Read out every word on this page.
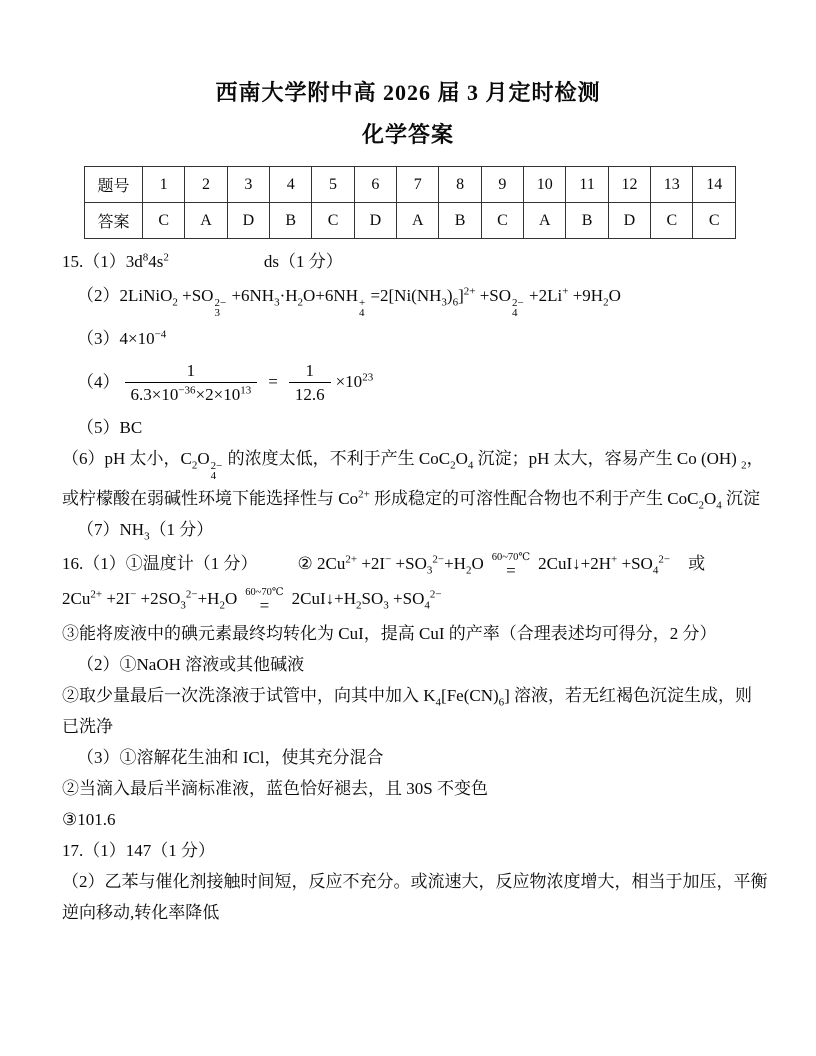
西南大学附中高 2026 届 3 月定时检测
化学答案
题号	1	2	3	4	5	6	7	8	9	10	11	12	13	14
答案	C	A	D	B	C	D	A	B	C	A	B	D	C	C

$15.(1)3d^84s^2$	ds（1 分）

（2）2LiNiO$_2$ +SO 2−
3
$+6NH_3\cdot H_2O+6NH$ +
4
$=2[Ni(NH_3)_6]^{2+} +SO$ 2−
4
$+2Li^+ +9H_2O$

$(3)4\times 10^{-4}$

$(4) \frac{1}{6.3\times 10^{-36}\times 2\times 10^{13}} = \frac{1}{12.6} \times 10^{23}$

（5）BC

（6）pH 太小，$C_2O$ 2−
4
的浓度太低，不利于产生 $CoC_2O_4$ 沉淀；pH 太大，容易产生 Co (OH) $_2$，

或柠檬酸在弱碱性环境下能选择性与 $Co^{2+}$ 形成稳定的可溶性配合物也不利于产生 $CoC_2O_4$ 沉淀

$(7)NH_3(1$ 分）

16.（1）①温度计（1 分） ② $2Cu^{2+} +2I^- +SO_3^{2-}+H_2O$ 60~70℃
= 2CuI↓+2H+ $+SO_4^{2-}$ 或

$2Cu^{2+} +2I^- +2SO_3^{2-}+H_2O$ 60~70℃
= $2CuI↓+H_2SO_3 +SO_4^{2-}$

③能将废液中的碘元素最终均转化为 CuI，提高 CuI 的产率（合理表述均可得分，2 分）

（2）①NaOH 溶液或其他碱液

②取少量最后一次洗涤液于试管中，向其中加入 $K_4[Fe(CN)_6]$ 溶液，若无红褐色沉淀生成，则

已洗净

（3）①溶解花生油和 ICl，使其充分混合

②当滴入最后半滴标准液，蓝色恰好褪去，且 30S 不变色

③101.6

17.（1）147（1 分）

（2）乙苯与催化剂接触时间短，反应不充分。或流速大，反应物浓度增大，相当于加压，平衡

逆向移动,转化率降低
